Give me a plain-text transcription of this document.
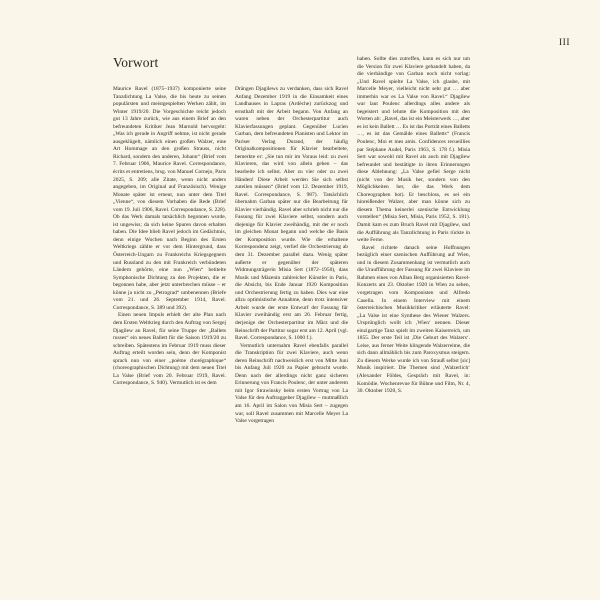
III
Vorwort

Maurice Ravel (1875–1937) komponierte seine Tanzdichtung La Valse, die bis heute zu seinen populärsten und meistgespielten Werken zählt, im Winter 1919/20. Die Vorgeschichte reicht jedoch gut 13 Jahre zurück, wie aus einem Brief an den befreundeten Kritiker Jean Marnold hervorgeht: „Was ich gerade in Angriff nehme, ist nicht gerade ausgeklügelt, nämlich einen großen Walzer, eine Art Hommage an den großen Strauss, nicht Richard, sondern den anderen, Johann“ (Brief vom 7. Februar 1906, Maurice Ravel. Correspondance, écrits et entretiens, hrsg. von Manuel Cornejo, Paris 2025, S. 209; alle Zitate, wenn nicht anders angegeben, im Original auf Französisch). Wenige Monate später ist erneut, nun unter dem Titel „Vienne“, von diesem Vorhaben die Rede (Brief vom 19. Juli 1906, Ravel. Correspondance, S. 228). Ob das Werk damals tatsächlich begonnen wurde, ist ungewiss; da sich keine Spuren davon erhalten haben. Die Idee blieb Ravel jedoch im Gedächtnis, denn einige Wochen nach Beginn des Ersten Weltkriegs zählte er vor dem Hintergrund, dass Österreich-Ungarn zu Frankreichs Kriegsgegnern und Russland zu den mit Frankreich verbündeten Ländern gehörte, eine nun „Wien“ betitelte Symphonische Dichtung zu den Projekten, die er begonnen habe, aber jetzt unterbrechen müsse – er könne ja nicht zu „Petrograd“ umbenennen (Briefe vom 21. und 26. September 1914, Ravel. Correspondance, S. 389 und 392).

Einen neuen Impuls erhielt der alte Plan nach dem Ersten Weltkrieg durch den Auftrag von Sergej Djagilew an Ravel, für seine Truppe der „Ballets russes“ ein neues Ballett für die Saison 1919/20 zu schreiben. Spätestens im Februar 1919 muss dieser Auftrag erteilt worden sein, denn der Komponist sprach nun von einer „poème chorégraphique“ (choreographischen Dichtung) mit dem neuen Titel La Valse (Brief vom 20. Februar 1919, Ravel. Correspondance, S. 940). Vermutlich ist es dem

Drängen Djagilews zu verdanken, dass sich Ravel Anfang Dezember 1919 in die Einsamkeit eines Landhauses in Lapras (Ardèche) zurückzog und ernsthaft mit der Arbeit begann. Von Anfang an waren neben der Orchesterpartitur auch Klavierfassungen geplant. Gegenüber Lucien Garban, dem befreundeten Pianisten und Lektor im Pariser Verlag Durand, der häufig Originalkompositionen für Klavier bearbeitete, bemerkte er: „Sie tun mir im Voraus leid: zu zwei Klavieren, das wird von allein gehen – das bearbeite ich selbst. Aber zu vier oder zu zwei Händen! Diese Arbeit werden Sie sich selbst zuteilen müssen“ (Brief vom 12. Dezember 1919, Ravel. Correspondance, S. 987). Tatsächlich übernahm Garban später nur die Bearbeitung für Klavier vierhändig. Ravel aber schrieb nicht nur die Fassung für zwei Klaviere selbst, sondern auch diejenige für Klavier zweihändig, mit der er noch im gleichen Monat begann und welche die Basis der Komposition wurde. Wie die erhaltene Korrespondenz zeigt, verlief die Orchestrierung ab dem 31. Dezember parallel dazu. Wenig später außerte er gegenüber der späteren Widmungsträgerin Misia Sert (1872–1950), dass Musik und Mäzenin zahlreicher Künstler in Paris, die Absicht, bis Ende Januar 1920 Komposition und Orchestrierung fertig zu haben. Dies war eine allzu optimistische Annahme, denn trotz intensiver Arbeit wurde der erste Entwurf der Fassung für Klavier zweihändig erst am 26. Februar fertig, derjenige der Orchesterpartitur im März und die Reinschrift der Partitur sogar erst am 12. April (vgl. Ravel. Correspondance, S. 1000 f.).

Vermutlich unternahm Ravel ebenfalls parallel die Transkription für zwei Klaviere, auch wenn deren Reinschrift nachweislich erst von Mitte Juni bis Anfang Juli 1920 zu Papier gebracht wurde. Denn nach der allerdings nicht ganz sicheren Erinnerung von Francis Poulenc, der unter anderem mit Igor Strawinsky beim ersten Vortrag von La Valse für den Auftraggeber Djagilew – mutmaßlich am 16. April im Salon von Misia Sert – zugegen war, soll Ravel zusammen mit Marcelle Meyer La Valse vorgetragen

haben. Sollte dies zutreffen, kann es sich nur um die Version für zwei Klaviere gehandelt haben, da die vierhändige von Garban noch nicht vorlag: „Und Ravel spielte La Valse, ich glaube, mit Marcelle Meyer, vielleicht nicht sehr gut … aber immerhin war es La Valse von Ravel.“ Djagilew war laut Poulenc allerdings alles andere als begeistert und lehnte die Komposition mit den Worten ab: „Ravel, das ist ein Meisterwerk …, aber es ist kein Ballett … Es ist das Porträt eines Balletts …, es ist das Gemälde eines Balletts“ (Francis Poulenc, Moi et mes amis. Confidences recueillies par Stéphane Audel, Paris 1963, S. 178 f.). Misia Sert war sowohl mit Ravel als auch mit Djagilew befreundet und bestätigte in ihren Erinnerungen diese Ablehnung: „La Valse gefiel Serge nicht (nicht von der Musik her, sondern von den Möglichkeiten her, die das Werk dem Choreographen bot). Er beschloss, es sei ein hinreißender Walzer, aber man könne sich zu diesem Thema keinerlei szenische Entwicklung vorstellen“ (Misia Sert, Misia, Paris 1952, S. 181). Damit kam es zum Bruch Ravel mit Djagilew, und die Aufführung als Tanzdichtung in Paris rückte in weite Ferne.

Ravel richtete danach seine Hoffnungen bezüglich einer szenischen Aufführung auf Wien, und in diesem Zusammenhang ist vermutlich auch die Uraufführung der Fassung für zwei Klaviere im Rahmen eines von Alban Berg organisierten Ravel-Konzerts am 23. Oktober 1920 in Wien zu sehen, vorgetragen vom Komponisten und Alfredo Casella. In einem Interview mit einem österreichischen Musikkritiker erläuterte Ravel: „La Valse ist eine Synthese des Wiener Walzers. Ursprünglich wollt ich ‚Wien‘ nennen. Dieser einzigartige Tanz spielt im zweiten Kaiserreich, um 1855. Der erste Teil ist ‚Die Geburt des Walzers‘. Leise, aus ferner Weite klingende Walzerreime, die sich dann allmählich bis zum Paroxysmus steigern. Zu diesem Werke wurde ich von Strauß selbst [sic] Musik inspiriert. Die Themen sind ‚Walzerlich‘ (Alexander Földes, Gespräch mit Ravel, in: Komödie. Wochenrevue für Bühne und Film, Nr. 4, 30. Oktober 1920, S.
